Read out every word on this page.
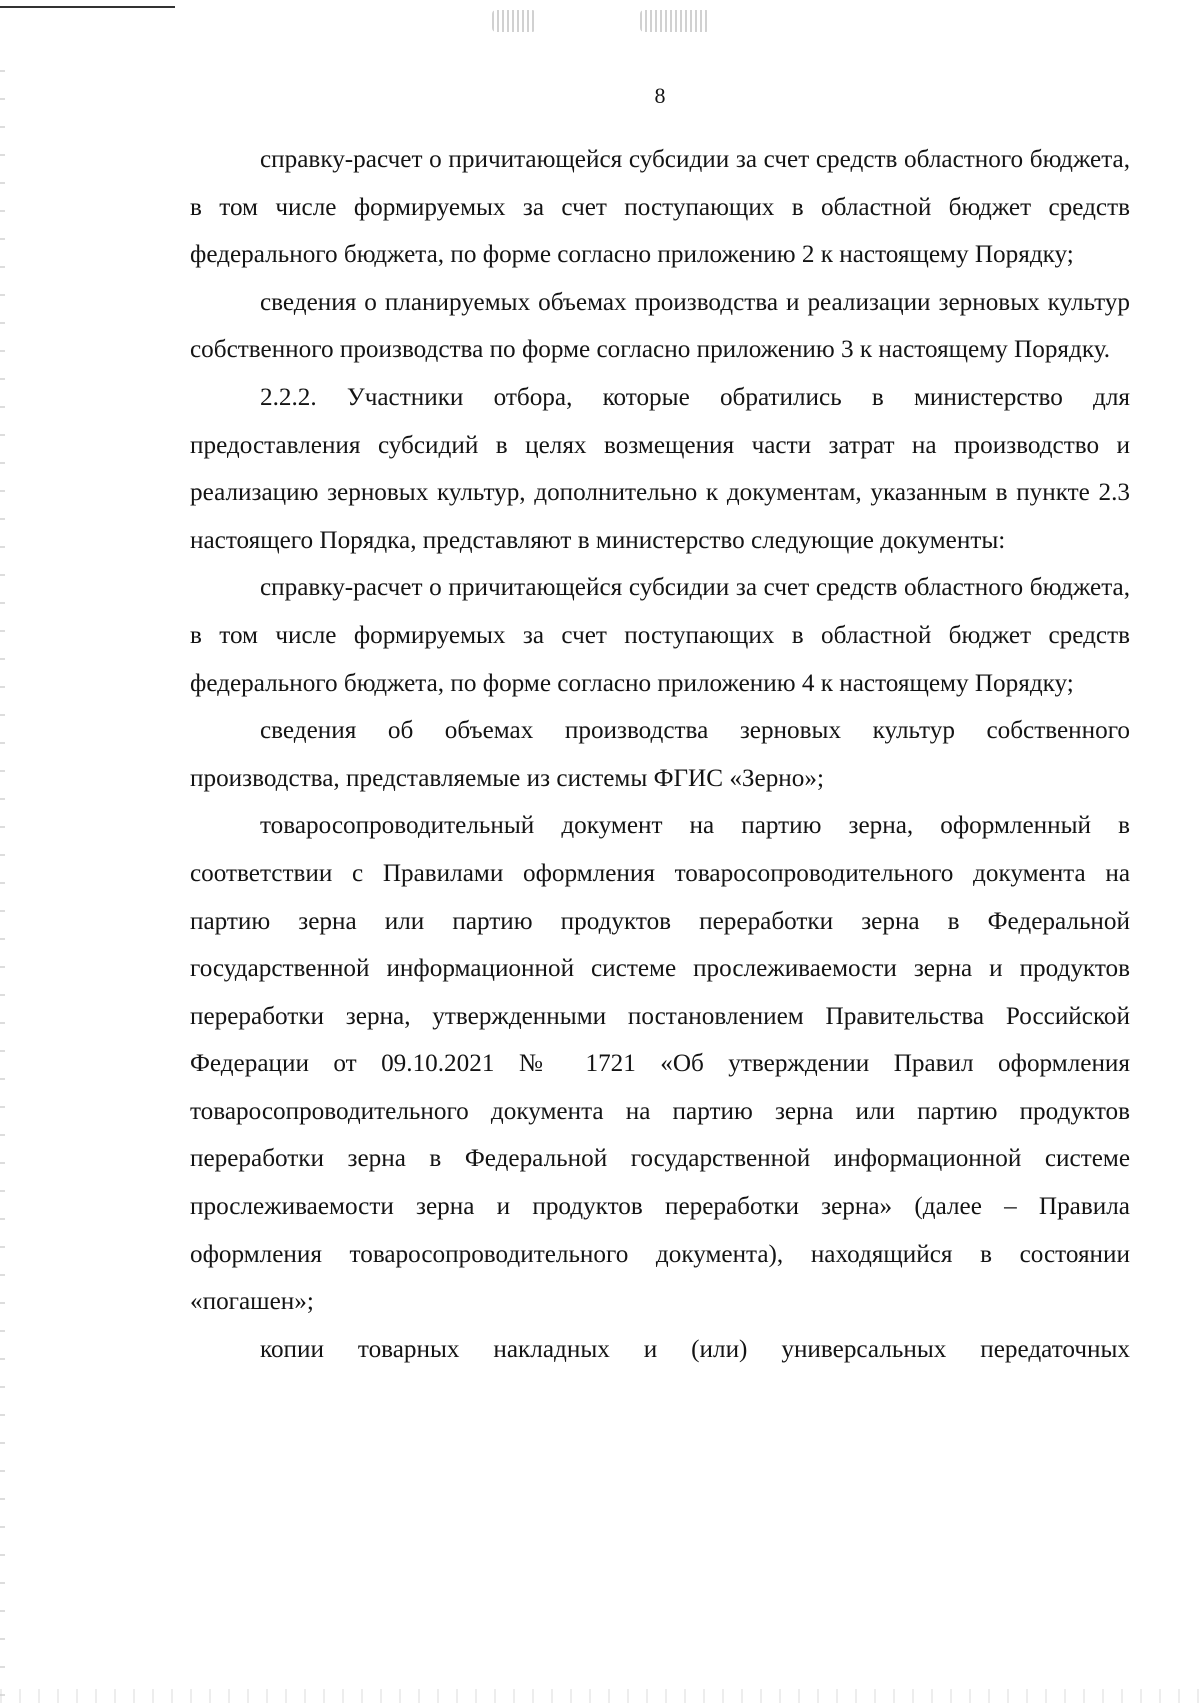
8

справку-расчет о причитающейся субсидии за счет средств областного бюджета, в том числе формируемых за счет поступающих в областной бюджет средств федерального бюджета, по форме согласно приложению 2 к настоящему Порядку;

сведения о планируемых объемах производства и реализации зерновых культур собственного производства по форме согласно приложению 3 к настоящему Порядку.

2.2.2. Участники отбора, которые обратились в министерство для предоставления субсидий в целях возмещения части затрат на производство и реализацию зерновых культур, дополнительно к документам, указанным в пункте 2.3 настоящего Порядка, представляют в министерство следующие документы:

справку-расчет о причитающейся субсидии за счет средств областного бюджета, в том числе формируемых за счет поступающих в областной бюджет средств федерального бюджета, по форме согласно приложению 4 к настоящему Порядку;

сведения об объемах производства зерновых культур собственного производства, представляемые из системы ФГИС «Зерно»;

товаросопроводительный документ на партию зерна, оформленный в соответствии с Правилами оформления товаросопроводительного документа на партию зерна или партию продуктов переработки зерна в Федеральной государственной информационной системе прослеживаемости зерна и продуктов переработки зерна, утвержденными постановлением Правительства Российской Федерации от 09.10.2021 № 1721 «Об утверждении Правил оформления товаросопроводительного документа на партию зерна или партию продуктов переработки зерна в Федеральной государственной информационной системе прослеживаемости зерна и продуктов переработки зерна» (далее – Правила оформления товаросопроводительного документа), находящийся в состоянии «погашен»;

копии товарных накладных и (или) универсальных передаточных
